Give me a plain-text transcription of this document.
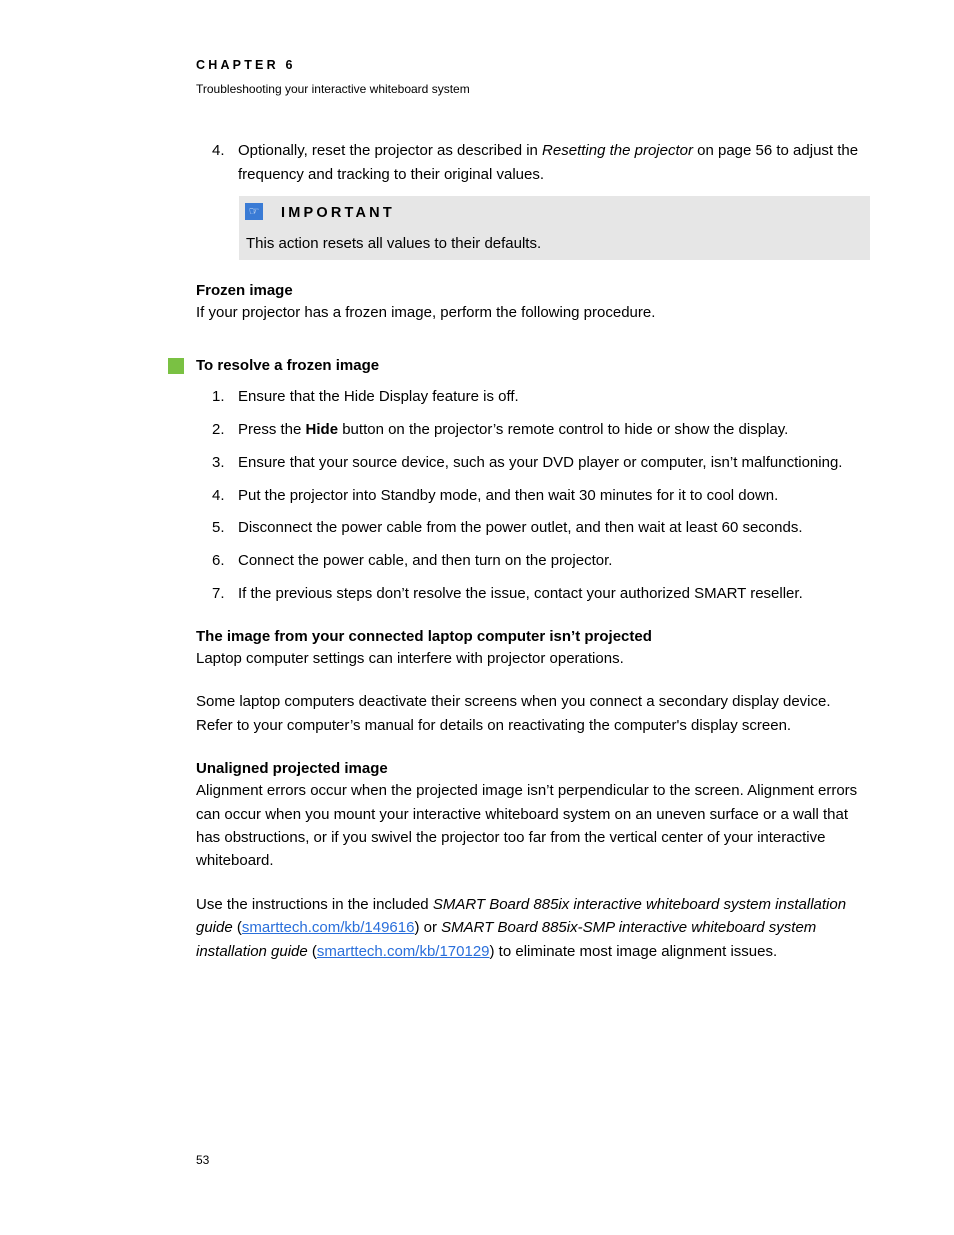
CHAPTER 6
Troubleshooting your interactive whiteboard system
4. Optionally, reset the projector as described in Resetting the projector on page 56 to adjust the frequency and tracking to their original values.
☞ IMPORTANT
This action resets all values to their defaults.
Frozen image
If your projector has a frozen image, perform the following procedure.
To resolve a frozen image
1. Ensure that the Hide Display feature is off.
2. Press the Hide button on the projector’s remote control to hide or show the display.
3. Ensure that your source device, such as your DVD player or computer, isn’t malfunctioning.
4. Put the projector into Standby mode, and then wait 30 minutes for it to cool down.
5. Disconnect the power cable from the power outlet, and then wait at least 60 seconds.
6. Connect the power cable, and then turn on the projector.
7. If the previous steps don’t resolve the issue, contact your authorized SMART reseller.
The image from your connected laptop computer isn’t projected
Laptop computer settings can interfere with projector operations.
Some laptop computers deactivate their screens when you connect a secondary display device.
Refer to your computer’s manual for details on reactivating the computer's display screen.
Unaligned projected image
Alignment errors occur when the projected image isn’t perpendicular to the screen. Alignment errors
can occur when you mount your interactive whiteboard system on an uneven surface or a wall that
has obstructions, or if you swivel the projector too far from the vertical center of your interactive
whiteboard.
Use the instructions in the included SMART Board 885ix interactive whiteboard system installation
guide (smarttech.com/kb/149616) or SMART Board 885ix-SMP interactive whiteboard system
installation guide (smarttech.com/kb/170129) to eliminate most image alignment issues.
53
